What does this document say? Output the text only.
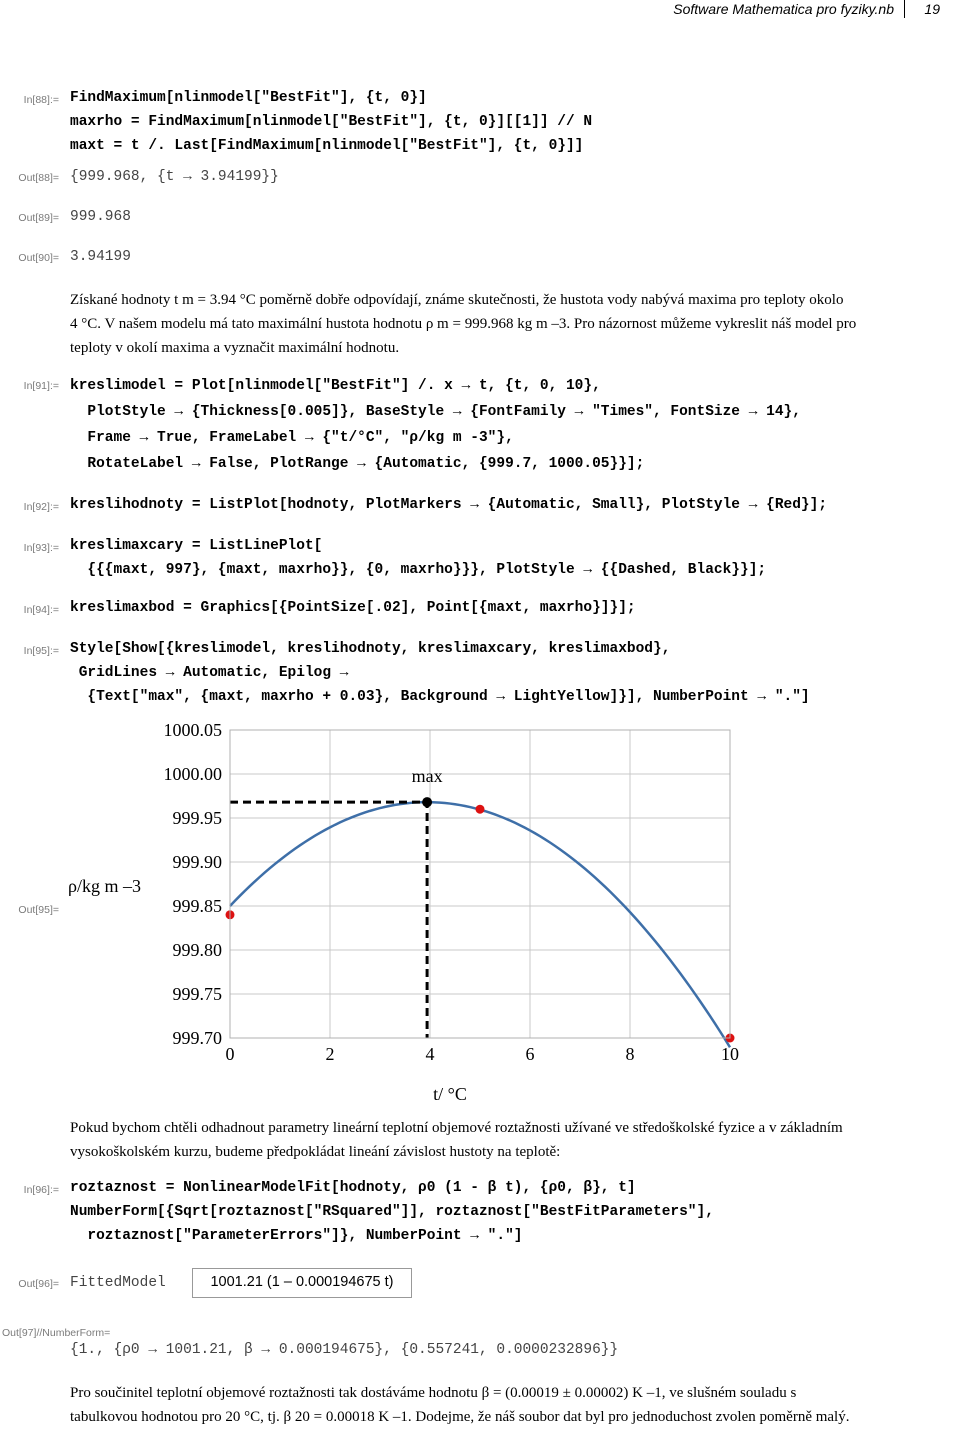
Software Mathematica pro fyziky.nb 19
In[88]:= FindMaximum[nlinmodel["BestFit"], {t, 0}]
maxrho = FindMaximum[nlinmodel["BestFit"], {t, 0}][[1]] // N
maxt = t /. Last[FindMaximum[nlinmodel["BestFit"], {t, 0}]]
Out[88]= {999.968, {t → 3.94199}}
Out[89]= 999.968
Out[90]= 3.94199
Získané hodnoty t m = 3.94 °C poměrně dobře odpovídají, známe skutečnosti, že hustota vody nabývá maxima pro teploty okolo
4 °C. V našem modelu má tato maximální hustota hodnotu ρ m = 999.968 kg m –3. Pro názornost můžeme vykreslit náš model pro
teploty v okolí maxima a vyznačit maximální hodnotu.
In[91]:= kreslimodel = Plot[nlinmodel["BestFit"] /. x → t, {t, 0, 10},
PlotStyle → {Thickness[0.005]}, BaseStyle → {FontFamily → "Times", FontSize → 14},
Frame → True, FrameLabel → {"t/°C", "ρ/kg m -3"},
RotateLabel → False, PlotRange → {Automatic, {999.7, 1000.05}}];
In[92]:= kreslihodnoty = ListPlot[hodnoty, PlotMarkers → {Automatic, Small}, PlotStyle → {Red}];
In[93]:= kreslimaxcary = ListLinePlot[
{{{maxt, 997}, {maxt, maxrho}}, {0, maxrho}}}, PlotStyle → {{Dashed, Black}}];
In[94]:= kreslimaxbod = Graphics[{PointSize[.02], Point[{maxt, maxrho}]}];
In[95]:= Style[Show[{kreslimodel, kreslihodnoty, kreslimaxcary, kreslimaxbod},
GridLines → Automatic, Epilog →
{Text["max", {maxt, maxrho + 0.03}, Background → LightYellow]}], NumberPoint → "."]
Out[95]=
0	2	4	6	8	10
1000.05
1000.00
999.95
999.90
999.85
999.80
999.75
999.70
t/ °C
ρ/kg m –3
max
Pokud bychom chtěli odhadnout parametry lineární teplotní objemové roztažnosti užívané ve středoškolské fyzice a v základním
vysokoškolském kurzu, budeme předpokládat lineání závislost hustoty na teplotě:
In[96]:= roztaznost = NonlinearModelFit[hodnoty, ρ0 (1 - β t), {ρ0, β}, t]
NumberForm[{Sqrt[roztaznost["RSquared"]], roztaznost["BestFitParameters"],
roztaznost["ParameterErrors"]}, NumberPoint → "."]
Out[96]= FittedModel	1001.21 (1 – 0.000194675 t)
Out[97]//NumberForm=
{1., {ρ0 → 1001.21, β → 0.000194675}, {0.557241, 0.0000232896}}
Pro součinitel teplotní objemové roztažnosti tak dostáváme hodnotu β = (0.00019 ± 0.00002) K –1, ve slušném souladu s
tabulkovou hodnotou pro 20 °C, tj. β 20 = 0.00018 K –1. Dodejme, že náš soubor dat byl pro jednoduchost zvolen poměrně malý.
